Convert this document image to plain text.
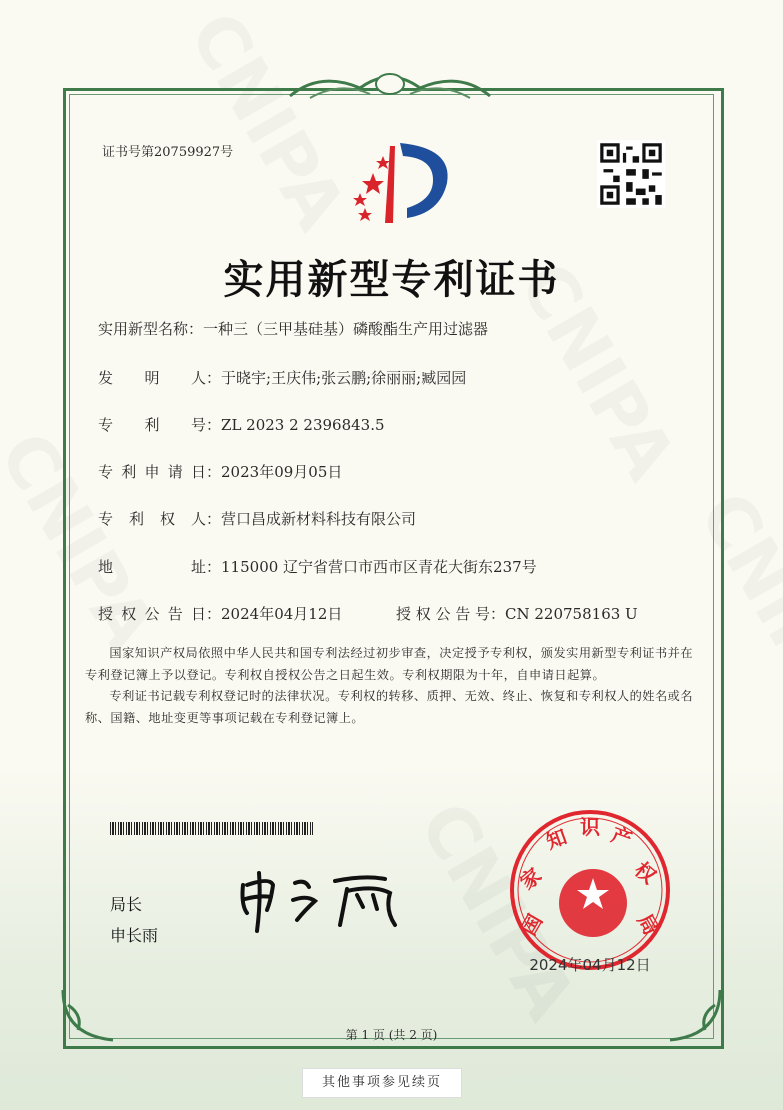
证书号第20759927号
实用新型专利证书
实用新型名称：一种三（三甲基硅基）磷酸酯生产用过滤器
发明人：于晓宇;王庆伟;张云鹏;徐丽丽;臧园园
专利号：ZL 2023 2 2396843.5
专利申请日：2023年09月05日
专利权人：营口昌成新材料科技有限公司
地址：115000 辽宁省营口市西市区青花大街东237号
授权公告日：2024年04月12日	授权公告号：CN 220758163 U

国家知识产权局依照中华人民共和国专利法经过初步审查，决定授予专利权，颁发实用新型专利证书并在专利登记簿上予以登记。专利权自授权公告之日起生效。专利权期限为十年，自申请日起算。

专利证书记载专利权登记时的法律状况。专利权的转移、质押、无效、终止、恢复和专利权人的姓名或名称、国籍、地址变更等事项记载在专利登记簿上。

局长
申长雨	国
家
知 识 产
权
局
2024年04月12日
第 1 页 (共 2 页)
其他事项参见续页
